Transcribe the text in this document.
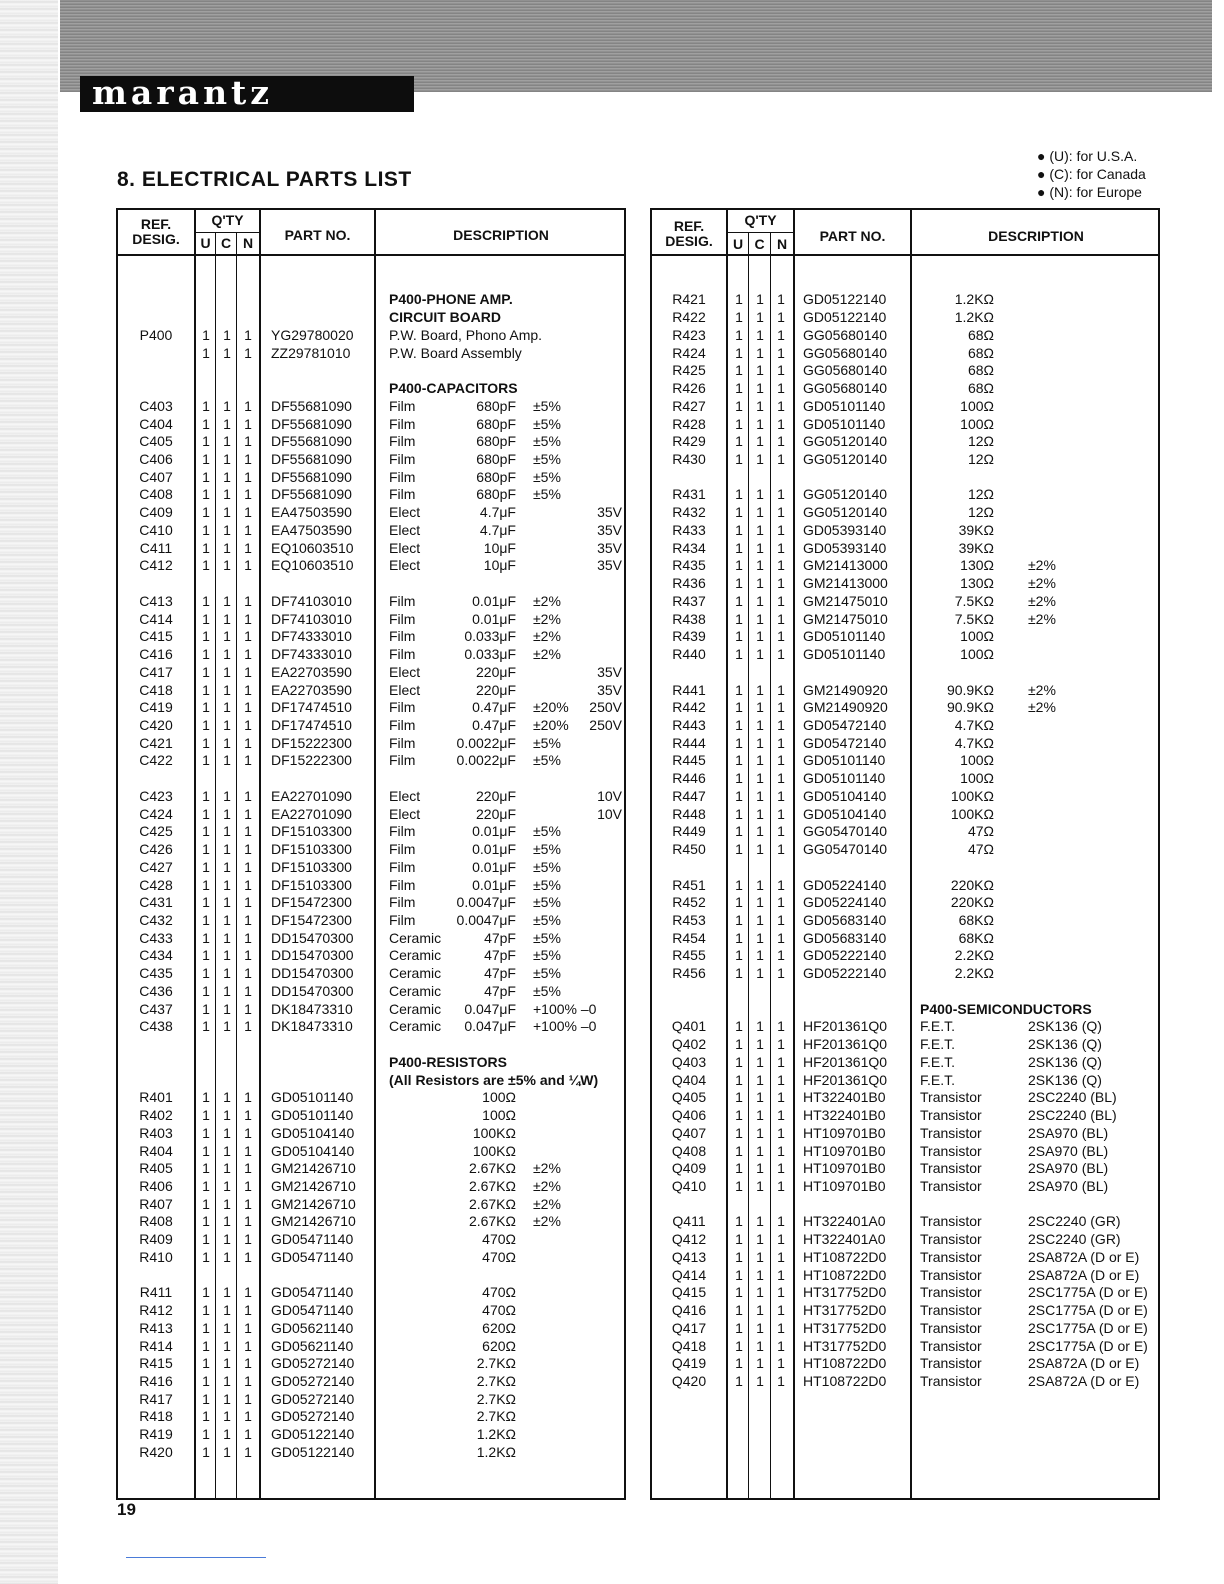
marantz
8. ELECTRICAL PARTS LIST
● (U): for U.S.A.
● (C): for Canada
● (N): for Europe
REF.
DESIG.
Q'TY
U C N	PART NO.	DESCRIPTION
P400-PHONE AMP.
CIRCUIT BOARD
P400	1 1 1 YG29780020	P.W. Board, Phono Amp.
1 1 1 ZZ29781010	P.W. Board Assembly
P400-CAPACITORS
C403	1 1 1 DF55681090	Film	680pF ±5%
C404	1 1 1 DF55681090	Film	680pF ±5%
C405	1 1 1 DF55681090	Film	680pF ±5%
C406	1 1 1 DF55681090	Film	680pF ±5%
C407	1 1 1 DF55681090	Film	680pF ±5%
C408	1 1 1 DF55681090	Film	680pF ±5%
C409	1 1 1 EA47503590	Elect	4.7μF	35V
C410	1 1 1 EA47503590	Elect	4.7μF	35V
C411	1 1 1 EQ10603510	Elect	10μF	35V
C412	1 1 1 EQ10603510	Elect	10μF	35V
C413	1 1 1 DF74103010	Film	0.01μF ±2%
C414	1 1 1 DF74103010	Film	0.01μF ±2%
C415	1 1 1 DF74333010	Film	0.033μF ±2%
C416	1 1 1 DF74333010	Film	0.033μF ±2%
C417	1 1 1 EA22703590	Elect	220μF	35V
C418	1 1 1 EA22703590	Elect	220μF	35V
C419	1 1 1 DF17474510	Film	0.47μF ±20%	250V
C420	1 1 1 DF17474510	Film	0.47μF ±20%	250V
C421	1 1 1 DF15222300	Film	0.0022μF ±5%
C422	1 1 1 DF15222300	Film	0.0022μF ±5%
C423	1 1 1 EA22701090	Elect	220μF	10V
C424	1 1 1 EA22701090	Elect	220μF	10V
C425	1 1 1 DF15103300	Film	0.01μF ±5%
C426	1 1 1 DF15103300	Film	0.01μF ±5%
C427	1 1 1 DF15103300	Film	0.01μF ±5%
C428	1 1 1 DF15103300	Film	0.01μF ±5%
C431	1 1 1 DF15472300	Film	0.0047μF ±5%
C432	1 1 1 DF15472300	Film	0.0047μF ±5%
C433	1 1 1 DD15470300	Ceramic	47pF ±5%
C434	1 1 1 DD15470300	Ceramic	47pF ±5%
C435	1 1 1 DD15470300	Ceramic	47pF ±5%
C436	1 1 1 DD15470300	Ceramic	47pF ±5%
C437	1 1 1 DK18473310	Ceramic	0.047μF +100% –0
C438	1 1 1 DK18473310	Ceramic	0.047μF +100% –0
P400-RESISTORS
(All Resistors are ±5% and ¼W)
R401	1 1 1 GD05101140	100Ω
R402	1 1 1 GD05101140	100Ω
R403	1 1 1 GD05104140	100KΩ
R404	1 1 1 GD05104140	100KΩ
R405	1 1 1 GM21426710	2.67KΩ ±2%
R406	1 1 1 GM21426710	2.67KΩ ±2%
R407	1 1 1 GM21426710	2.67KΩ ±2%
R408	1 1 1 GM21426710	2.67KΩ ±2%
R409	1 1 1 GD05471140	470Ω
R410	1 1 1 GD05471140	470Ω
R411	1 1 1 GD05471140	470Ω
R412	1 1 1 GD05471140	470Ω
R413	1 1 1 GD05621140	620Ω
R414	1 1 1 GD05621140	620Ω
R415	1 1 1 GD05272140	2.7KΩ
R416	1 1 1 GD05272140	2.7KΩ
R417	1 1 1 GD05272140	2.7KΩ
R418	1 1 1 GD05272140	2.7KΩ
R419	1 1 1 GD05122140	1.2KΩ
R420	1 1 1 GD05122140	1.2KΩ
REF.
DESIG.
Q'TY
U C N	PART NO.	DESCRIPTION
R421	1 1 1 GD05122140	1.2KΩ
R422	1 1 1 GD05122140	1.2KΩ
R423	1 1 1 GG05680140	68Ω
R424	1 1 1 GG05680140	68Ω
R425	1 1 1 GG05680140	68Ω
R426	1 1 1 GG05680140	68Ω
R427	1 1 1 GD05101140	100Ω
R428	1 1 1 GD05101140	100Ω
R429	1 1 1 GG05120140	12Ω
R430	1 1 1 GG05120140	12Ω
R431	1 1 1 GG05120140	12Ω
R432	1 1 1 GG05120140	12Ω
R433	1 1 1 GD05393140	39KΩ
R434	1 1 1 GD05393140	39KΩ
R435	1 1 1 GM21413000	130Ω ±2%
R436	1 1 1 GM21413000	130Ω ±2%
R437	1 1 1 GM21475010	7.5KΩ ±2%
R438	1 1 1 GM21475010	7.5KΩ ±2%
R439	1 1 1 GD05101140	100Ω
R440	1 1 1 GD05101140	100Ω
R441	1 1 1 GM21490920	90.9KΩ ±2%
R442	1 1 1 GM21490920	90.9KΩ ±2%
R443	1 1 1 GD05472140	4.7KΩ
R444	1 1 1 GD05472140	4.7KΩ
R445	1 1 1 GD05101140	100Ω
R446	1 1 1 GD05101140	100Ω
R447	1 1 1 GD05104140	100KΩ
R448	1 1 1 GD05104140	100KΩ
R449	1 1 1 GG05470140	47Ω
R450	1 1 1 GG05470140	47Ω
R451	1 1 1 GD05224140	220KΩ
R452	1 1 1 GD05224140	220KΩ
R453	1 1 1 GD05683140	68KΩ
R454	1 1 1 GD05683140	68KΩ
R455	1 1 1 GD05222140	2.2KΩ
R456	1 1 1 GD05222140	2.2KΩ
P400-SEMICONDUCTORS
Q401	1 1 1 HF201361Q0 F.E.T.	2SK136 (Q)
Q402	1 1 1 HF201361Q0 F.E.T.	2SK136 (Q)
Q403	1 1 1 HF201361Q0 F.E.T.	2SK136 (Q)
Q404	1 1 1 HF201361Q0 F.E.T.	2SK136 (Q)
Q405	1 1 1 HT322401B0 Transistor	2SC2240 (BL)
Q406	1 1 1 HT322401B0 Transistor	2SC2240 (BL)
Q407	1 1 1 HT109701B0 Transistor	2SA970 (BL)
Q408	1 1 1 HT109701B0 Transistor	2SA970 (BL)
Q409	1 1 1 HT109701B0 Transistor	2SA970 (BL)
Q410	1 1 1 HT109701B0 Transistor	2SA970 (BL)
Q411	1 1 1 HT322401A0 Transistor	2SC2240 (GR)
Q412	1 1 1 HT322401A0 Transistor	2SC2240 (GR)
Q413	1 1 1 HT108722D0 Transistor	2SA872A (D or E)
Q414	1 1 1 HT108722D0 Transistor	2SA872A (D or E)
Q415	1 1 1 HT317752D0 Transistor	2SC1775A (D or E)
Q416	1 1 1 HT317752D0 Transistor	2SC1775A (D or E)
Q417	1 1 1 HT317752D0 Transistor	2SC1775A (D or E)
Q418	1 1 1 HT317752D0 Transistor	2SC1775A (D or E)
Q419	1 1 1 HT108722D0 Transistor	2SA872A (D or E)
Q420	1 1 1 HT108722D0 Transistor	2SA872A (D or E)
19
